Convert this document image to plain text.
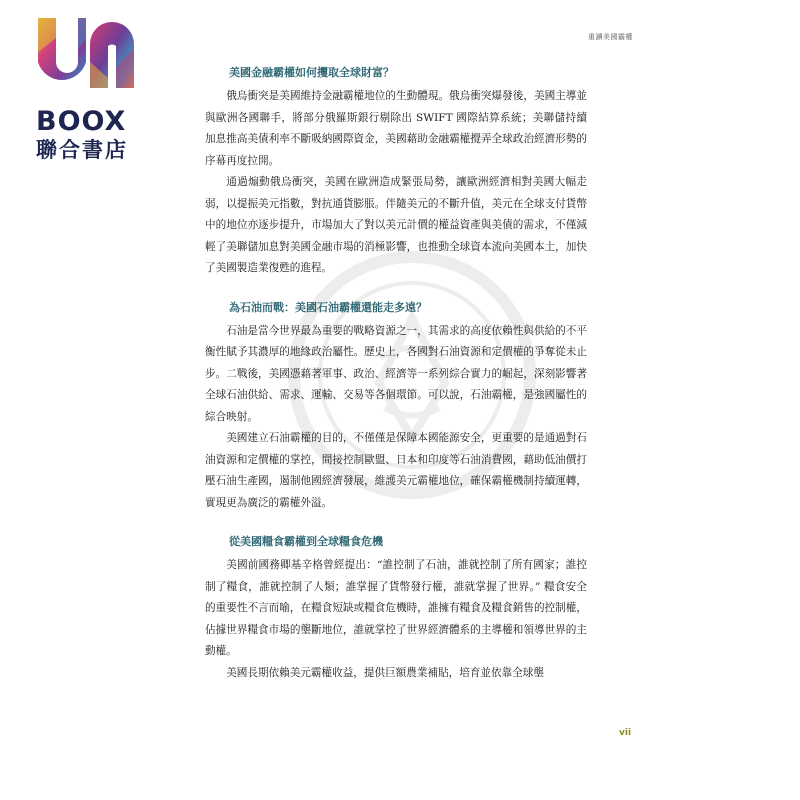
BOOX
聯合書店
重讀美國霸權
美國金融霸權如何攫取全球財富？

俄烏衝突是美國維持金融霸權地位的生動體現。俄烏衝突爆發後，美國主導並與歐洲各國聯手，將部分俄羅斯銀行剔除出 SWIFT 國際結算系統；美聯儲持續加息推高美債利率不斷吸納國際資金，美國藉助金融霸權攪弄全球政治經濟形勢的序幕再度拉開。

通過煽動俄烏衝突，美國在歐洲造成緊張局勢，讓歐洲經濟相對美國大幅走弱，以提振美元指數，對抗通貨膨脹。伴隨美元的不斷升值，美元在全球支付貨幣中的地位亦逐步提升，市場加大了對以美元計價的權益資產與美債的需求，不僅減輕了美聯儲加息對美國金融市場的消極影響，也推動全球資本流向美國本土，加快了美國製造業復甦的進程。

為石油而戰：美國石油霸權還能走多遠？

石油是當今世界最為重要的戰略資源之一，其需求的高度依賴性與供給的不平衡性賦予其濃厚的地緣政治屬性。歷史上，各國對石油資源和定價權的爭奪從未止步。二戰後，美國憑藉著軍事、政治、經濟等一系列綜合實力的崛起，深刻影響著全球石油供給、需求、運輸、交易等各個環節。可以說，石油霸權，是強國屬性的綜合映射。

美國建立石油霸權的目的，不僅僅是保障本國能源安全，更重要的是通過對石油資源和定價權的掌控，間接控制歐盟、日本和印度等石油消費國，藉助低油價打壓石油生產國，遏制他國經濟發展，維護美元霸權地位，確保霸權機制持續運轉，實現更為廣泛的霸權外溢。

從美國糧食霸權到全球糧食危機

美國前國務卿基辛格曾經提出：“誰控制了石油，誰就控制了所有國家；誰控制了糧食，誰就控制了人類；誰掌握了貨幣發行權，誰就掌握了世界。” 糧食安全的重要性不言而喻，在糧食短缺或糧食危機時，誰擁有糧食及糧食銷售的控制權，佔據世界糧食市場的壟斷地位，誰就掌控了世界經濟體系的主導權和領導世界的主動權。

美國長期依賴美元霸權收益，提供巨額農業補貼，培育並依靠全球壟

vii
